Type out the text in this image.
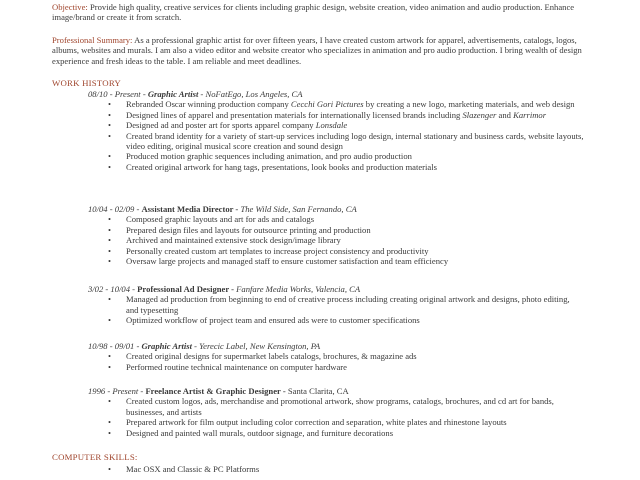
Objective: Provide high quality, creative services for clients including graphic design, website creation, video animation and audio production. Enhance image/brand or create it from scratch.
Professional Summary: As a professional graphic artist for over fifteen years, I have created custom artwork for apparel, advertisements, catalogs, logos, albums, websites and murals. I am also a video editor and website creator who specializes in animation and pro audio production. I bring wealth of design experience and fresh ideas to the table. I am reliable and meet deadlines.
WORK HISTORY
08/10 - Present - Graphic Artist - NoFatEgo, Los Angeles, CA
• Rebranded Oscar winning production company Cecchi Gori Pictures by creating a new logo, marketing materials, and web design
• Designed lines of apparel and presentation materials for internationally licensed brands including Slazenger and Karrimor
• Designed ad and poster art for sports apparel company Lonsdale
• Created brand identity for a variety of start-up services including logo design, internal stationary and business cards, website layouts, video editing, original musical score creation and sound design
• Produced motion graphic sequences including animation, and pro audio production
• Created original artwork for hang tags, presentations, look books and production materials
10/04 - 02/09 - Assistant Media Director - The Wild Side, San Fernando, CA
• Composed graphic layouts and art for ads and catalogs
• Prepared design files and layouts for outsource printing and production
• Archived and maintained extensive stock design/image library
• Personally created custom art templates to increase project consistency and productivity
• Oversaw large projects and managed staff to ensure customer satisfaction and team efficiency
3/02 - 10/04 - Professional Ad Designer - Fanfare Media Works, Valencia, CA
• Managed ad production from beginning to end of creative process including creating original artwork and designs, photo editing, and typesetting
• Optimized workflow of project team and ensured ads were to customer specifications
10/98 - 09/01 - Graphic Artist - Yerecic Label, New Kensington, PA
• Created original designs for supermarket labels catalogs, brochures, & magazine ads
• Performed routine technical maintenance on computer hardware
1996 - Present - Freelance Artist & Graphic Designer - Santa Clarita, CA
• Created custom logos, ads, merchandise and promotional artwork, show programs, catalogs, brochures, and cd art for bands, businesses, and artists
• Prepared artwork for film output including color correction and separation, white plates and rhinestone layouts
• Designed and painted wall murals, outdoor signage, and furniture decorations
COMPUTER SKILLS:
• Mac OSX and Classic & PC Platforms
